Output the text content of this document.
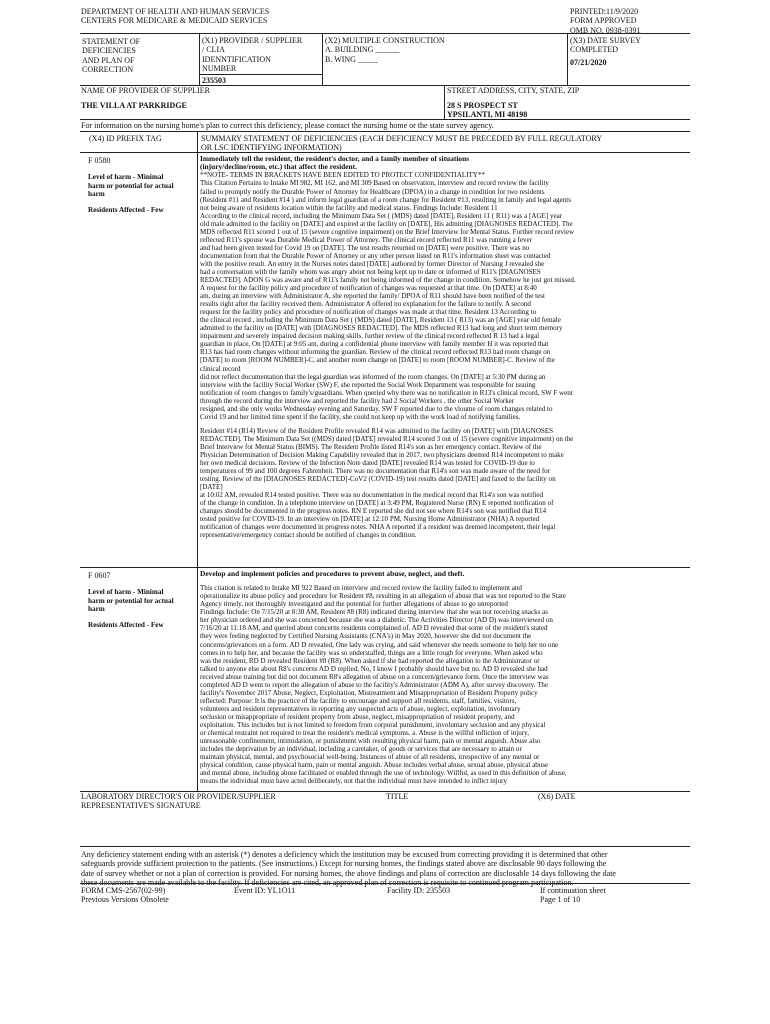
DEPARTMENT OF HEALTH AND HUMAN SERVICES
CENTERS FOR MEDICARE & MEDICAID SERVICES
PRINTED:11/9/2020
FORM APPROVED
OMB NO. 0938-0391
STATEMENT OF
DEFICIENCIES
AND PLAN OF
CORRECTION
(X1) PROVIDER / SUPPLIER
/ CLIA
IDENNTIFICATION
NUMBER
235503
(X2) MULTIPLE CONSTRUCTION
A. BUILDING ______
B. WING _____
(X3) DATE SURVEY
COMPLETED
07/21/2020
NAME OF PROVIDER OF SUPPLIER
THE VILLA AT PARKRIDGE
STREET ADDRESS, CITY, STATE, ZIP
28 S PROSPECT ST
YPSILANTI, MI 48198
For information on the nursing home's plan to correct this deficiency, please contact the nursing home or the state survey agency.
(X4) ID PREFIX TAG	SUMMARY STATEMENT OF DEFICIENCIES (EACH DEFICIENCY MUST BE PRECEDED BY FULL REGULATORY
OR LSC IDENTIFYING INFORMATION)
F 0580
Level of harm - Minimal
harm or potential for actual
harm
Residents Affected - Few
Immediately tell the resident, the resident's doctor, and a family member of situations
(injury/decline/room, etc.) that affect the resident.
**NOTE- TERMS IN BRACKETS HAVE BEEN EDITED TO PROTECT CONFIDENTIALITY**
This Citation Pertains to Intake MI 982, MI 162, and MI 309 Based on observation, interview and record review the facility
failed to promptly notify the Durable Power of Attorney for Healthcare (DPOA) in a change in condition for two residents
(Resident #11 and Resident #14 ) and inform legal guardian of a room change for Resident #13, resulting in family and legal agents
not being aware of residents location within the facility and medical status. Findings Include: Resident 11
According to the clinical record, including the Minimum Data Set ( (MDS) dated [DATE], Resident 11 ( R11) was a [AGE] year
old male admitted to the facility on [DATE] and expired at the facility on [DATE], His admitting [DIAGNOSES REDACTED]. The
MDS reflected R11 scored 1 out of 15 (severe cognitive impairment) on the Brief Interview for Mental Status. Further record review
reflected R11's spouse was Durable Medical Power of Attorney. The clinical record reflected R11 was running a fever
and had been given tested for Covid 19 on [DATE]. The test results returned on [DATE] were positive. There was no
documentation from that the Durable Power of Attorney or any other person listed on R11's information sheet was contacted
with the positive result. An entry in the Nurses notes dated [DATE] authored by former Director of Nursing J revealed she
had a conversation with the family whom was angry about not being kept up to date or informed of R11's [DIAGNOSES
REDACTED]. ADON G was aware and of R11's family not being informed of the change in condition. Somehow he just got missed.
A request for the facility policy and procedure of notification of changes was requested at that time. On [DATE] at 8:40
am, during an interview with Administrator A, she reported the family/ DPOA of R11 should have been notified of the test
results right after the facility received them. Administrator A offered no explanation for the failure to notify. A second
request for the facility policy and procedure of notification of changes was made at that time. Resident 13 According to
the clinical record , including the Minimum Data Set ( (MDS) dated [DATE], Resident 13 ( R13) was an [AGE] year old female
admitted to the facility on [DATE] with [DIAGNOSES REDACTED]. The MDS reflected R13 had long and short term memory
impairment and severely impaired decision making skills. further review of the clinical record reflected R 13 had a legal
guardian in place. On [DATE] at 9:05 am, during a confidential phone interview with family member H it was reported that
R13 has had room changes without informing the guardian. Review of the clinical record reflected R13 had room change on
[DATE] to room [ROOM NUMBER]-C, and another room change on [DATE] to room [ROOM NUMBER]-C. Review of the
clinical record
did not reflect documentation that the legal guardian was informed of the room changes. On [DATE] at 5:30 PM during an
interview with the facility Social Worker (SW) F, she reported the Social Work Department was responsible for issuing
notification of room changes to family's/guardians. When queried why there was no notification in R13's clinical record, SW F went
through the record during the interview and reported the facility had 2 Social Workers , the other Social Worker
resigned, and she only works Wednesday evening and Saturday. SW F reported due to the vloume of room changes related to
Covid 19 and her limited time spent if the facility, she could not keep up with the work load of notifying families.
Resident #14 (R14) Review of the Resident Profile revealed R14 was admitted to the facility on [DATE] with [DIAGNOSES
REDACTED]. The Minimum Data Set ((MDS) dated [DATE] revealed R14 scored 3 out of 15 (severe cognitive impairment) on the
Brief Interview for Mental Status (BIMS). The Resident Profile listed R14's son as her emergency contact. Review of the
Physician Determination of Decision Making Capability revealed that in 2017, two physicians deemed R14 incompetent to make
her own medical decisions. Review of the Infection Note dated [DATE] revealed R14 was tested for COVID-19 due to
temperatures of 99 and 100 degrees Fahrenheit. There was no documentation that R14's son was made aware of the need for
testing. Review of the [DIAGNOSES REDACTED]-CoV2 (COVID-19) test results dated [DATE] and faxed to the facility on
[DATE]
at 10:02 AM, revealed R14 tested positive. There was no documentation in the medical record that R14's son was notified
of the change in condition. In a telephone interview on [DATE] at 3:49 PM, Registered Nurse (RN) E reported notification of
changes should be documented in the progress notes. RN E reported she did not see where R14's son was notified that R14
tested positive for COVID-19. In an interview on [DATE] at 12:10 PM, Nursing Home Administrator (NHA) A reported
notification of changes were documented in progress notes. NHA A reported if a resident was deemed incompetent, their legal
representative/emergency contact should be notified of changes in condition.
F 0607
Level of harm - Minimal
harm or potential for actual
harm
Residents Affected - Few
Develop and implement policies and procedures to prevent abuse, neglect, and theft.
This citation is related to Intake MI 922 Based on interview and record review the facility failed to implement and
operationalize its abuse policy and procedure for Resident #8, resulting in an allegation of abuse that was not reported to the State
Agency timely, not thoroughly investigated and the potential for further allegations of abuse to go unreported
Findings Include: On 7/15/20 at 8:30 AM, Resident #8 (R8) indicated during interview that she was not receiving snacks as
her physician ordered and she was concerned because she was a diabetic. The Activities Director (AD D) was interviewed on
7/16/20 at 11:18 AM, and queried about concerns residents complained of. AD D revealed that some of the resident's stated
they were feeling neglected by Certified Nursing Assistants (CNA's) in May 2020, however she did not document the
concerns/grievances on a form. AD D revealed, One lady was crying, and said whenever she needs someone to help her no one
comes in to help her, and because the facility was so understaffed, things are a little rough for everyone. When asked who
was the resident, RD D revealed Resident #8 (R8). When asked if she had reported the allegation to the Administrator or
talked to anyone else about R8's concerns AD D replied, No, I know I probably should have but no. AD D revealed she had
received abuse training but did not document R8's allegation of abuse on a concern/grievance form. Once the interview was
completed AD D went to report the allegation of abuse to the facility's Administrator (ADM A), after survey discovery. The
facility's November 2017 Abuse, Neglect, Exploitation, Mistreatment and Misappropriation of Resident Property policy
reflected: Purpose: It is the practice of the facility to encourage and support all residents, staff, families, visitors,
volunteers and resident representatives in reporting any suspected acts of abuse, neglect, exploitation, involuntary
seclusion or misappropriate of resident property from abuse, neglect, misappropriation of resident property, and
exploitation. This includes but is not limited to freedom from corporal punishment, involuntary seclusion and any physical
or chemical restraint not required to treat the resident's medical symptoms. a. Abuse is the willful infliction of injury,
unreasonable confinement, intimidation, or punishment with resulting physical harm, pain or mental anguish. Abuse also
includes the deprivation by an individual, including a caretaker, of goods or services that are necessary to attain or
maintain physical, mental, and psychosocial well-being. Instances of abuse of all residents, irrespective of any mental or
physical condition, cause physical harm, pain or mental anguish. Abuse includes verbal abuse, sexual abuse, physical abuse
and mental abuse, including abuse facilitated or enabled through the use of technology. Willful, as used in this definition of abuse,
means the individual must have acted deliberately, not that the individual must have intended to inflict injury
LABORATORY DIRECTOR'S OR PROVIDER/SUPPLIER
REPRESENTATIVE'S SIGNATURE
TITLE	(X6) DATE
Any deficiency statement ending with an asterisk (*) denotes a deficiency which the institution may be excused from correcting providing it is determined that other
safeguards provide sufficient protection to the patients. (See instructions.) Except for nursing homes, the findings stated above are disclosable 90 days following the
date of survey whether or not a plan of correction is provided. For nursing homes, the above findings and plans of correction are disclosable 14 days following the date
these documents are made available to the facility. If deficiencies are cited, an approved plan of correction is requisite to continued program participation.
FORM CMS-2567(02-99)
Previous Versions Obsolete
Event ID: YL1O11	Facility ID: 235503	If continuation sheet
Page 1 of 10
